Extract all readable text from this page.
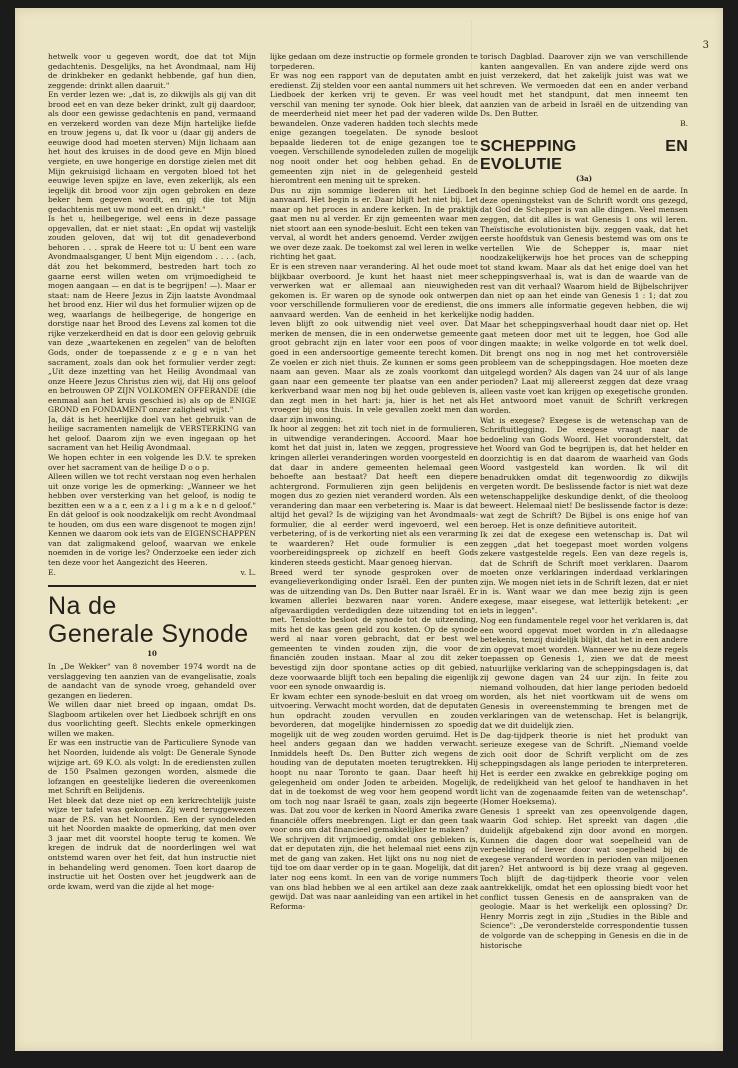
3

hetwelk voor u gegeven wordt, doe dat tot Mijn gedachtenis. Desgelijks, na het Avondmaal, nam Hij de drinkbeker en gedankt hebbende, gaf hun dien, zeggende: drinkt allen daaruit."

En verder lezen we: „dat is, zo dikwijls als gij van dit brood eet en van deze beker drinkt, zult gij daardoor, als door een gewisse gedachtenis en pand, vermaand en verzekerd worden van deze Mijn hartelijke liefde en trouw jegens u, dat Ik voor u (daar gij anders de eeuwige dood had moeten sterven) Mijn lichaam aan het hout des kruises in de dood geve en Mijn bloed vergiete, en uwe hongerige en dorstige zielen met dit Mijn gekruisigd lichaam en vergoten bloed tot het eeuwige leven spijze en lave, even zekerlijk, als een iegelijk dit brood voor zijn ogen gebroken en deze beker hem gegeven wordt, en gij die tot Mijn gedachtenis met uw mond eet en drinkt."

Is het u, heilbegerige, wel eens in deze passage opgevallen, dat er niet staat: „En opdat wij vastelijk zouden geloven, dat wij tot dit genadeverbond behoren . . . sprak de Heere tot u: U bent een ware Avondmaalsganger, U bent Mijn eigendom . . . . (ach, dát zou het bekommerd, bestreden hart toch zo gaarne eerst willen weten om vrijmoedigheid te mogen aangaan — en dat is te begrijpen! —). Maar er staat: nam de Heere Jezus in Zijn laatste Avondmaal het brood enz. Hier wil dus het formulier wijzen op de weg, waarlangs de heilbegerige, de hongerige en dorstige naar het Brood des Levens zal komen tot die rijke verzekerdheid en dat is door een gelovig gebruik van deze „waartekenen en zegelen" van de beloften Gods, onder de toepassende z e g e n van het sacrament, zoals dan ook het formulier verder zegt: „Uit deze inzetting van het Heilig Avondmaal van onze Heere Jezus Christus zien wij, dat Hij ons geloof en betrouwen OP ZIJN VOLKOMEN OFFERANDE (die eenmaal aan het kruis geschied is) als op de ENIGE GROND en FONDAMENT onzer zaligheid wijst."

Ja, dát is het heerlijke doel van het gebruik van de heilige sacramenten namelijk de VERSTERKING van het geloof. Daarom zijn we even ingegaan op het sacrament van het Heilig Avondmaal.

We hopen echter in een volgende les D.V. te spreken over het sacrament van de heilige D o o p.

Alleen willen we tot recht verstaan nog even herhalen uit onze vorige les de opmerking: „Wanneer we het hebben over versterking van het geloof, is nodig te bezitten een w a a r, een z a l i g m a k e n d geloof." En dát geloof is ook noodzakelijk om recht Avondmaal te houden, om dus een ware disgenoot te mogen zijn! Kennen we daarom ook iets van de EIGENSCHAPPEN van dat zaligmakend geloof, waarvan we enkele noemden in de vorige les? Onderzoeke een ieder zich ten deze voor het Aangezicht des Heeren.

E.	v. L.
Na de
Generale Synode
10

In „De Wekker" van 8 november 1974 wordt na de verslaggeving ten aanzien van de evangelisatie, zoals de aandacht van de synode vroeg, gehandeld over gezangen en liederen.

We willen daar niet breed op ingaan, omdat Ds. Slagboom artikelen over het Liedboek schrijft en ons dus voorlichting geeft. Slechts enkele opmerkingen willen we maken.

Er was een instructie van de Particuliere Synode van het Noorden, luidende als volgt: De Generale Synode wijzige art. 69 K.O. als volgt: In de erediensten zullen de 150 Psalmen gezongen worden, alsmede die lofzangen en geestelijke liederen die overeenkomen met Schrift en Belijdenis.

Het bleek dat deze niet op een kerkrechtelijk juiste wijze ter tafel was gekomen. Zij werd teruggewezen naar de P.S. van het Noorden. Een der synodeleden uit het Noorden maakte de opmerking, dat men over 3 jaar met dit voorstel hoopte terug te komen. We kregen de indruk dat de noorderlingen wel wat ontstemd waren over het feit, dat hun instructie niet in behandeling werd genomen. Toen kort daarop de instructie uit het Oosten over het jeugdwerk aan de orde kwam, werd van die zijde al het moge-

lijke gedaan om deze instructie op formele gronden te torpederen.

Er was nog een rapport van de deputaten ambt en eredienst. Zij stelden voor een aantal nummers uit het Liedboek der kerken vrij te geven. Er was veel verschil van mening ter synode. Ook hier bleek, dat de meerderheid niet meer het pad der vaderen wilde bewandelen. Onze vaderen hadden toch slechts mede enige gezangen toegelaten. De synode besloot bepaalde liederen tot de enige gezangen toe te voegen. Verschillende synodeleden zullen de mogelijk nog nooit onder het oog hebben gehad. En de gemeenten zijn niet in de gelegenheid gesteld hieromtrent een mening uit te spreken.

Dus nu zijn sommige liederen uit het Liedboek aanvaard. Het begin is er. Daar blijft het niet bij. Let maar op het proces in andere kerken. In de praktijk gaat men nu al verder. Er zijn gemeenten waar men niet stoort aan een synode-besluit. Echt een teken van verval, al wordt het anders genoemd. Verder zwijgen we over deze zaak. De toekomst zal wel leren in welke richting het gaat.

Er is een streven naar verandering. Al het oude moet blijkbaar overboord. Je kunt het haast niet meer verwerken wat er allemaal aan nieuwigheden gekomen is. Er waren op de synode ook ontwerpen voor verschillende formulieren voor de eredienst, die aanvaard werden. Van de eenheid in het kerkelijke leven blijft zo ook uitwendig niet veel over. Dat merken de mensen, die in een onderwetse gemeente groot gebracht zijn en later voor een poos of voor goed in een andersoortige gemeente terecht komen. Ze voelen er zich niet thuis. Ze kunnen er soms geen naam aan geven. Maar als ze zoals voorkomt dan gaan naar een gemeente ter plaatse van een ander kerkverband waar men nog bij het oude gebleven is, dan zegt men in het hart: ja, hier is het net als vroeger bij ons thuis. In vele gevallen zoekt men dan daar zijn inwoning.

Ik hoor al zeggen: het zit toch niet in de formulieren, in uitwendige veranderingen. Accoord. Maar hoe komt het dat juist in, laten we zeggen, progressieve kringen allerlei veranderingen worden voorgesteld en dat daar in andere gemeenten helemaal geen behoefte aan bestaat? Dat heeft een diepere achtergrond. Formulieren zijn geen belijdenis en mogen dus zo gezien niet veranderd worden. Als een verandering dan maar een verbetering is. Maar is dat altijd het geval? Is de wijziging van het Avondmaals-formulier, die al eerder werd ingevoerd, wel een verbetering, of is de verkorting niet als een verarming te waarderen? Het oude formulier is een voorbereidingspreek op zichzelf en heeft Gods kinderen steeds gesticht. Maar genoeg hiervan.

Breed werd ter synode gesproken over de evangelieverkondiging onder Israël. Een der punten was de uitzending van Ds. Den Butter naar Israël. Er kwamen allerlei bezwaren naar voren. Andere afgevaardigden verdedigden deze uitzending tot en met. Tenslotte besloot de synode tot de uitzending, mits het de kas geen geld zou kosten. Op de synode werd al naar voren gebracht, dat er best wel gemeenten te vinden zouden zijn, die voor de financiën zouden instaan. Maar al zou dit zeker bevestigd zijn door spontane acties op dit gebied, deze voorwaarde blijft toch een bepaling die eigenlijk voor een synode onwaardig is.

Er kwam echter een synode-besluit en dat vroeg om uitvoering. Verwacht mocht worden, dat de deputaten hun opdracht zouden vervullen en zouden bevorderen, dat mogelijke hindernissen zo spoedig mogelijk uit de weg zouden worden geruimd. Het is heel anders gegaan dan we hadden verwacht. Inmiddels heeft Ds. Den Butter zich wegens de houding van de deputaten moeten terugtrekken. Hij hoopt nu naar Toronto te gaan. Daar heeft hij gelegenheid om onder Joden te arbeiden. Mogelijk, dat in de toekomst de weg voor hem geopend wordt om toch nog naar Israël te gaan, zoals zijn begeerte was. Dat zou voor de kerken in Noord Amerika zware financiële offers meebrengen. Ligt er dan geen taak voor ons om dat financieel gemakkelijker te maken?

We schrijven dit vrijmoedig, omdat ons gebleken is, dat er deputaten zijn, die het helemaal niet eens zijn met de gang van zaken. Het lijkt ons nu nog niet de tijd toe om daar verder op in te gaan. Mogelijk, dat dit later nog eens komt. In een van de vorige nummers van ons blad hebben we al een artikel aan deze zaak gewijd. Dat was naar aanleiding van een artikel in het Reforma-

torisch Dagblad. Daarover zijn we van verschillende kanten aangevallen. En van andere zijde werd ons juist verzekerd, dat het zakelijk juist was wat we schreven. We vermoeden dat een en ander verband houdt met het standpunt, dat men inneemt ten aanzien van de arbeid in Israël en de uitzending van Ds. Den Butter.

B.
SCHEPPING EN EVOLUTIE
(3a)

In den beginne schiep God de hemel en de aarde. In deze openingstekst van de Schrift wordt ons gezegd, dat God de Schepper is van alle dingen. Veel mensen zeggen, dat dit alles is wat Genesis 1 ons wil leren. Theïstische evolutionisten bijv. zeggen vaak, dat het eerste hoofdstuk van Genesis bestemd was om ons te vertellen Wie de Schepper is, maar niet noodzakelijkerwijs hoe het proces van de schepping tot stand kwam. Maar als dat het enige doel van het scheppingsverhaal is, wat is dan de waarde van de rest van dit verhaal? Waarom hield de Bijbelschrijver dan niet op aan het einde van Genesis 1 : 1; dat zou ons immers alle informatie gegeven hebben, die wij nodig hadden.

Maar het scheppingsverhaal houdt daar niet op. Het gaat meteen door met uit te leggen, hoe God alle dingen maakte; in welke volgorde en tot welk doel. Dit brengt ons nog in nog met het controversiële probleem van de scheppingsdagen. Hoe moeten deze uitgelegd worden? Als dagen van 24 uur of als lange perioden? Laat mij allereerst zeggen dat deze vraag alleen vaste voet kan krijgen op exegetische gronden. Het antwoord moet vanuit de Schrift verkregen worden.

Wat is exegese? Exegese is de wetenschap van de Schriftuitlegging. De exegese vraagt naar de bedoeling van Gods Woord. Het vooronderstelt, dat het Woord van God te begrijpen is, dat het helder en doorzichtig is en dat daarom de waarheid van Gods Woord vastgesteld kan worden. Ik wil dit benadrukken omdat dit tegenwoordig zo dikwijls vergeten wordt. De beslissende factor is niet wat deze wetenschappelijke deskundige denkt, of die theoloog beweert. Helemaal niet! De beslissende factor is deze: wat zegt de Schrift? De Bijbel is ons enige hof van beroep. Het is onze definitieve autoriteit.

Ik zei dat de exegese een wetenschap is. Dat wil zeggen „dat het toegepast moet worden volgens zekere vastgestelde regels. Een van deze regels is, dat de Schrift de Schrift moet verklaren. Daarom moeten onze verklaringen inderdaad verklaringen zijn. We mogen niet iets in de Schrift lezen, dat er niet in is. Want waar we dan mee bezig zijn is geen exegese, maar eisegese, wat letterlijk betekent: „er iets in leggen".

Nog een fundamentele regel voor het verklaren is, dat een woord opgevat moet worden in z'n alledaagse betekenis, tenzij duidelijk blijkt, dat het in een andere zin opgevat moet worden. Wanneer we nu deze regels toepassen op Genesis 1, zien we dat de meest natuurlijke verklaring van de scheppingsdagen is, dat zij gewone dagen van 24 uur zijn. In feite zou niemand volhouden, dat hier lange perioden bedoeld worden, als het niet voortkwam uit de wens om Genesis in overeenstemming te brengen met de verklaringen van de wetenschap. Het is belangrijk, dat we dit duidelijk zien.

De dag-tijdperk theorie is niet het produkt van serieuze exegese van de Schrift. „Niemand voelde zich ooit door de Schrift verplicht om de zes scheppingsdagen als lange perioden te interpreteren. Het is eerder een zwakke en gebrekkige poging om de redelijkheid van het geloof te handhaven in het licht van de zogenaamde feiten van de wetenschap". (Homer Hoeksema).

Genesis 1 spreekt van zes opeenvolgende dagen, waarin God schiep. Het spreekt van dagen ,die duidelijk afgebakend zijn door avond en morgen. Kunnen die dagen door wat soepelheid van de verbeelding of liever door wat soepelheid bij de exegese veranderd worden in perioden van miljoenen jaren? Het antwoord is bij deze vraag al gegeven. Toch blijft de dag-tijdperk theorie voor velen aantrekkelijk, omdat het een oplossing biedt voor het conflict tussen Genesis en de aanspraken van de geologie. Maar is het werkelijk een oplossing? Dr. Henry Morris zegt in zijn „Studies in the Bible and Science": „De veronderstelde correspondentie tussen de volgorde van de schepping in Genesis en die in de historische
